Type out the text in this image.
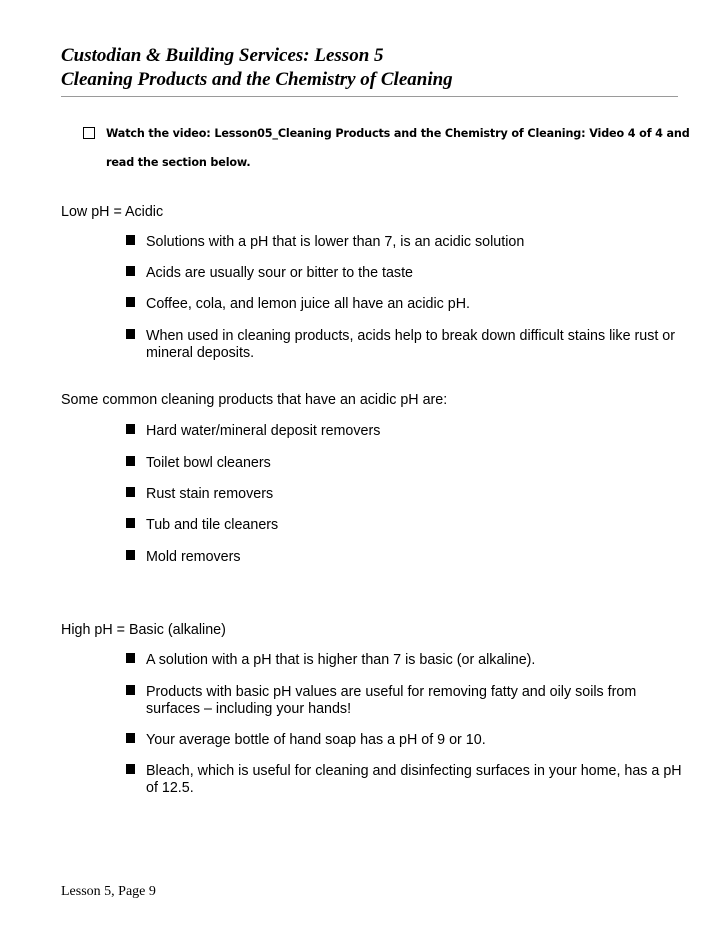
Custodian & Building Services: Lesson 5
Cleaning Products and the Chemistry of Cleaning
Watch the video: Lesson05_Cleaning Products and the Chemistry of Cleaning: Video 4 of 4 and read the section below.
Low pH = Acidic
Solutions with a pH that is lower than 7, is an acidic solution
Acids are usually sour or bitter to the taste
Coffee, cola, and lemon juice all have an acidic pH.
When used in cleaning products, acids help to break down difficult stains like rust or mineral deposits.
Some common cleaning products that have an acidic pH are:
Hard water/mineral deposit removers
Toilet bowl cleaners
Rust stain removers
Tub and tile cleaners
Mold removers
High pH = Basic (alkaline)
A solution with a pH that is higher than 7 is basic (or alkaline).
Products with basic pH values are useful for removing fatty and oily soils from surfaces – including your hands!
Your average bottle of hand soap has a pH of 9 or 10.
Bleach, which is useful for cleaning and disinfecting surfaces in your home, has a pH of 12.5.
Lesson 5, Page 9
